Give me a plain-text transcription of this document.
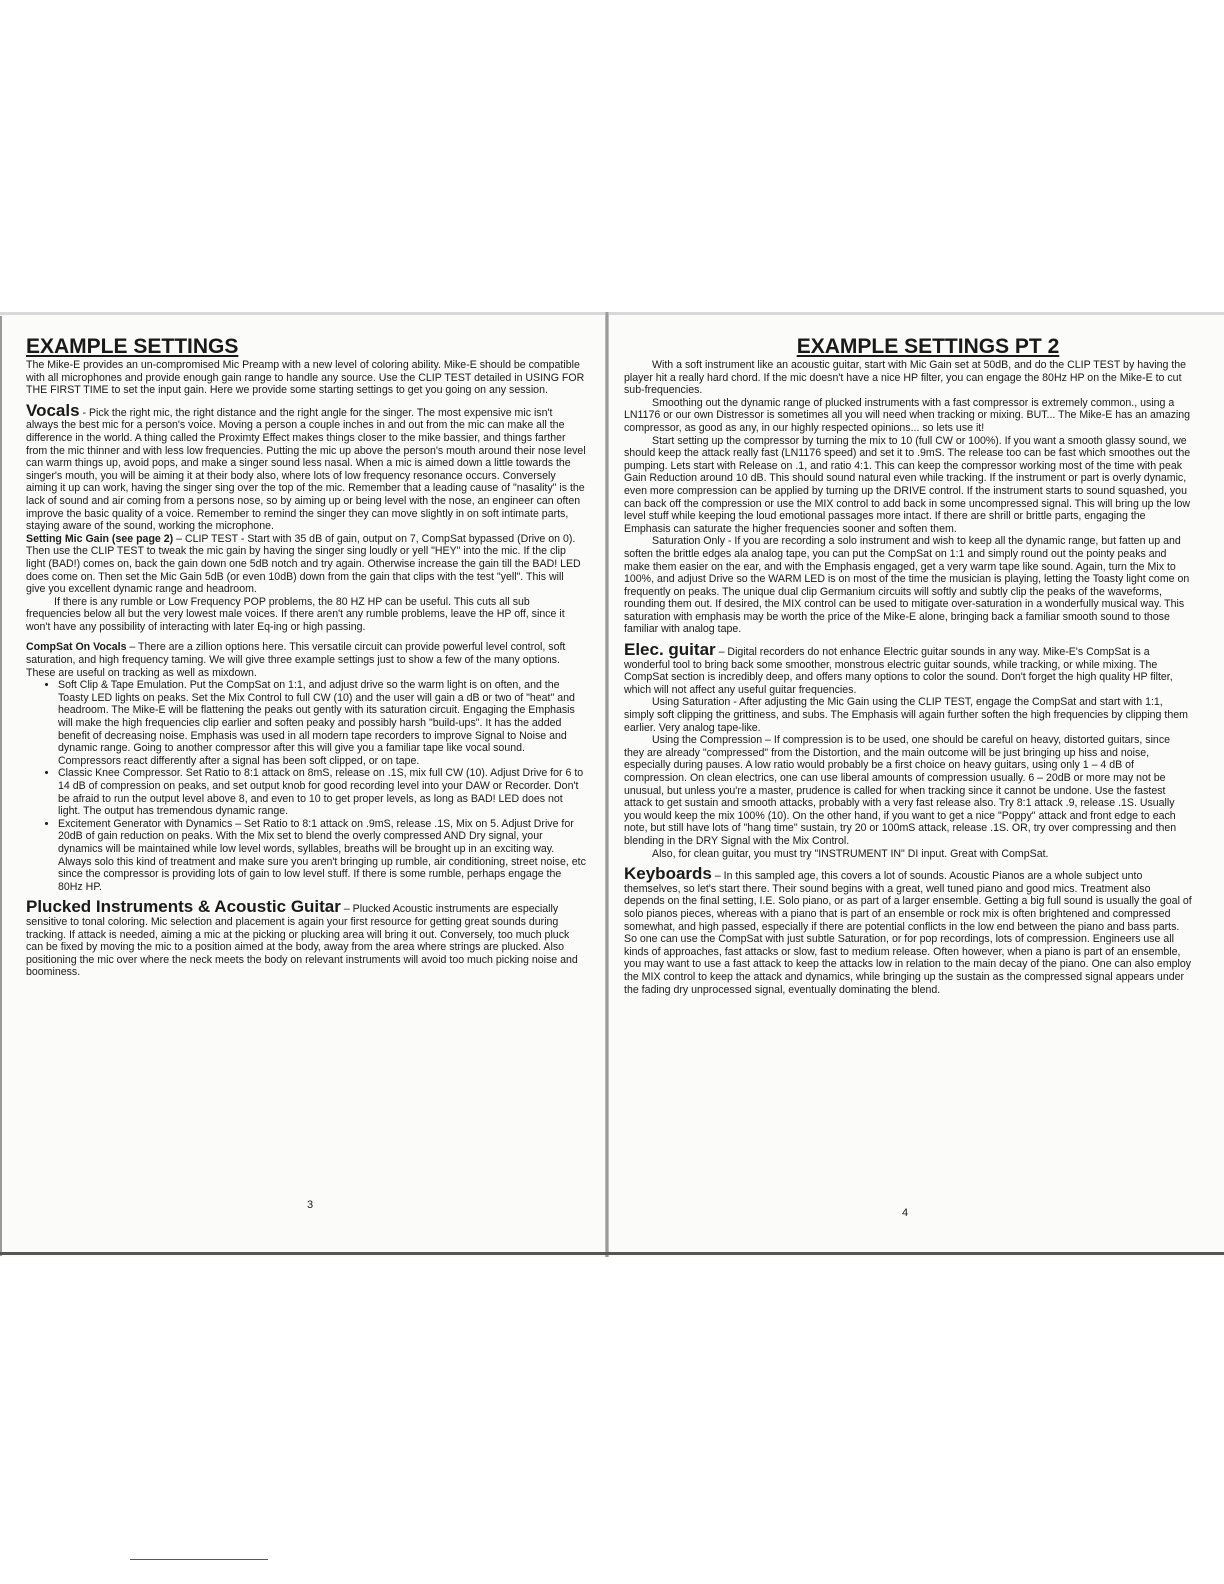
EXAMPLE SETTINGS

The Mike-E provides an un-compromised Mic Preamp with a new level of coloring ability. Mike-E should be compatible with all microphones and provide enough gain range to handle any source. Use the CLIP TEST detailed in USING FOR THE FIRST TIME to set the input gain. Here we provide some starting settings to get you going on any session.

Vocals - Pick the right mic, the right distance and the right angle for the singer. The most expensive mic isn't always the best mic for a person's voice. Moving a person a couple inches in and out from the mic can make all the difference in the world. A thing called the Proximty Effect makes things closer to the mike bassier, and things farther from the mic thinner and with less low frequencies. Putting the mic up above the person's mouth around their nose level can warm things up, avoid pops, and make a singer sound less nasal. When a mic is aimed down a little towards the singer's mouth, you will be aiming it at their body also, where lots of low frequency resonance occurs. Conversely aiming it up can work, having the singer sing over the top of the mic. Remember that a leading cause of "nasality" is the lack of sound and air coming from a persons nose, so by aiming up or being level with the nose, an engineer can often improve the basic quality of a voice. Remember to remind the singer they can move slightly in on soft intimate parts, staying aware of the sound, working the microphone.

Setting Mic Gain (see page 2) – CLIP TEST - Start with 35 dB of gain, output on 7, CompSat bypassed (Drive on 0). Then use the CLIP TEST to tweak the mic gain by having the singer sing loudly or yell "HEY" into the mic. If the clip light (BAD!) comes on, back the gain down one 5dB notch and try again. Otherwise increase the gain till the BAD! LED does come on. Then set the Mic Gain 5dB (or even 10dB) down from the gain that clips with the test "yell". This will give you excellent dynamic range and headroom.

If there is any rumble or Low Frequency POP problems, the 80 HZ HP can be useful. This cuts all sub frequencies below all but the very lowest male voices. If there aren't any rumble problems, leave the HP off, since it won't have any possibility of interacting with later Eq-ing or high passing.

CompSat On Vocals – There are a zillion options here. This versatile circuit can provide powerful level control, soft saturation, and high frequency taming. We will give three example settings just to show a few of the many options. These are useful on tracking as well as mixdown.

• Soft Clip & Tape Emulation. Put the CompSat on 1:1, and adjust drive so the warm light is on often, and the Toasty LED lights on peaks. Set the Mix Control to full CW (10) and the user will gain a dB or two of "heat" and headroom. The Mike-E will be flattening the peaks out gently with its saturation circuit. Engaging the Emphasis will make the high frequencies clip earlier and soften peaky and possibly harsh "build-ups". It has the added benefit of decreasing noise. Emphasis was used in all modern tape recorders to improve Signal to Noise and dynamic range. Going to another compressor after this will give you a familiar tape like vocal sound. Compressors react differently after a signal has been soft clipped, or on tape.
• Classic Knee Compressor. Set Ratio to 8:1 attack on 8mS, release on .1S, mix full CW (10). Adjust Drive for 6 to 14 dB of compression on peaks, and set output knob for good recording level into your DAW or Recorder. Don't be afraid to run the output level above 8, and even to 10 to get proper levels, as long as BAD! LED does not light. The output has tremendous dynamic range.
• Excitement Generator with Dynamics – Set Ratio to 8:1 attack on .9mS, release .1S, Mix on 5. Adjust Drive for 20dB of gain reduction on peaks. With the Mix set to blend the overly compressed AND Dry signal, your dynamics will be maintained while low level words, syllables, breaths will be brought up in an exciting way. Always solo this kind of treatment and make sure you aren't bringing up rumble, air conditioning, street noise, etc since the compressor is providing lots of gain to low level stuff. If there is some rumble, perhaps engage the 80Hz HP.

Plucked Instruments & Acoustic Guitar – Plucked Acoustic instruments are especially sensitive to tonal coloring. Mic selection and placement is again your first resource for getting great sounds during tracking. If attack is needed, aiming a mic at the picking or plucking area will bring it out. Conversely, too much pluck can be fixed by moving the mic to a position aimed at the body, away from the area where strings are plucked. Also positioning the mic over where the neck meets the body on relevant instruments will avoid too much picking noise and boominess.

3
EXAMPLE SETTINGS PT 2

With a soft instrument like an acoustic guitar, start with Mic Gain set at 50dB, and do the CLIP TEST by having the player hit a really hard chord. If the mic doesn't have a nice HP filter, you can engage the 80Hz HP on the Mike-E to cut sub-frequencies.

Smoothing out the dynamic range of plucked instruments with a fast compressor is extremely common., using a LN1176 or our own Distressor is sometimes all you will need when tracking or mixing. BUT... The Mike-E has an amazing compressor, as good as any, in our highly respected opinions... so lets use it!

Start setting up the compressor by turning the mix to 10 (full CW or 100%). If you want a smooth glassy sound, we should keep the attack really fast (LN1176 speed) and set it to .9mS. The release too can be fast which smoothes out the pumping. Lets start with Release on .1, and ratio 4:1. This can keep the compressor working most of the time with peak Gain Reduction around 10 dB. This should sound natural even while tracking. If the instrument or part is overly dynamic, even more compression can be applied by turning up the DRIVE control. If the instrument starts to sound squashed, you can back off the compression or use the MIX control to add back in some uncompressed signal. This will bring up the low level stuff while keeping the loud emotional passages more intact. If there are shrill or brittle parts, engaging the Emphasis can saturate the higher frequencies sooner and soften them.

Saturation Only - If you are recording a solo instrument and wish to keep all the dynamic range, but fatten up and soften the brittle edges ala analog tape, you can put the CompSat on 1:1 and simply round out the pointy peaks and make them easier on the ear, and with the Emphasis engaged, get a very warm tape like sound. Again, turn the Mix to 100%, and adjust Drive so the WARM LED is on most of the time the musician is playing, letting the Toasty light come on frequently on peaks. The unique dual clip Germanium circuits will softly and subtly clip the peaks of the waveforms, rounding them out. If desired, the MIX control can be used to mitigate over-saturation in a wonderfully musical way. This saturation with emphasis may be worth the price of the Mike-E alone, bringing back a familiar smooth sound to those familiar with analog tape.

Elec. guitar – Digital recorders do not enhance Electric guitar sounds in any way. Mike-E's CompSat is a wonderful tool to bring back some smoother, monstrous electric guitar sounds, while tracking, or while mixing. The CompSat section is incredibly deep, and offers many options to color the sound. Don't forget the high quality HP filter, which will not affect any useful guitar frequencies.

Using Saturation - After adjusting the Mic Gain using the CLIP TEST, engage the CompSat and start with 1:1, simply soft clipping the grittiness, and subs. The Emphasis will again further soften the high frequencies by clipping them earlier. Very analog tape-like.

Using the Compression – If compression is to be used, one should be careful on heavy, distorted guitars, since they are already "compressed" from the Distortion, and the main outcome will be just bringing up hiss and noise, especially during pauses. A low ratio would probably be a first choice on heavy guitars, using only 1 – 4 dB of compression. On clean electrics, one can use liberal amounts of compression usually. 6 – 20dB or more may not be unusual, but unless you're a master, prudence is called for when tracking since it cannot be undone. Use the fastest attack to get sustain and smooth attacks, probably with a very fast release also. Try 8:1 attack .9, release .1S. Usually you would keep the mix 100% (10). On the other hand, if you want to get a nice "Poppy" attack and front edge to each note, but still have lots of "hang time" sustain, try 20 or 100mS attack, release .1S. OR, try over compressing and then blending in the DRY Signal with the Mix Control.

Also, for clean guitar, you must try "INSTRUMENT IN" DI input. Great with CompSat.

Keyboards – In this sampled age, this covers a lot of sounds. Acoustic Pianos are a whole subject unto themselves, so let's start there. Their sound begins with a great, well tuned piano and good mics. Treatment also depends on the final setting, I.E. Solo piano, or as part of a larger ensemble. Getting a big full sound is usually the goal of solo pianos pieces, whereas with a piano that is part of an ensemble or rock mix is often brightened and compressed somewhat, and high passed, especially if there are potential conflicts in the low end between the piano and bass parts. So one can use the CompSat with just subtle Saturation, or for pop recordings, lots of compression. Engineers use all kinds of approaches, fast attacks or slow, fast to medium release. Often however, when a piano is part of an ensemble, you may want to use a fast attack to keep the attacks low in relation to the main decay of the piano. One can also employ the MIX control to keep the attack and dynamics, while bringing up the sustain as the compressed signal appears under the fading dry unprocessed signal, eventually dominating the blend.

4
